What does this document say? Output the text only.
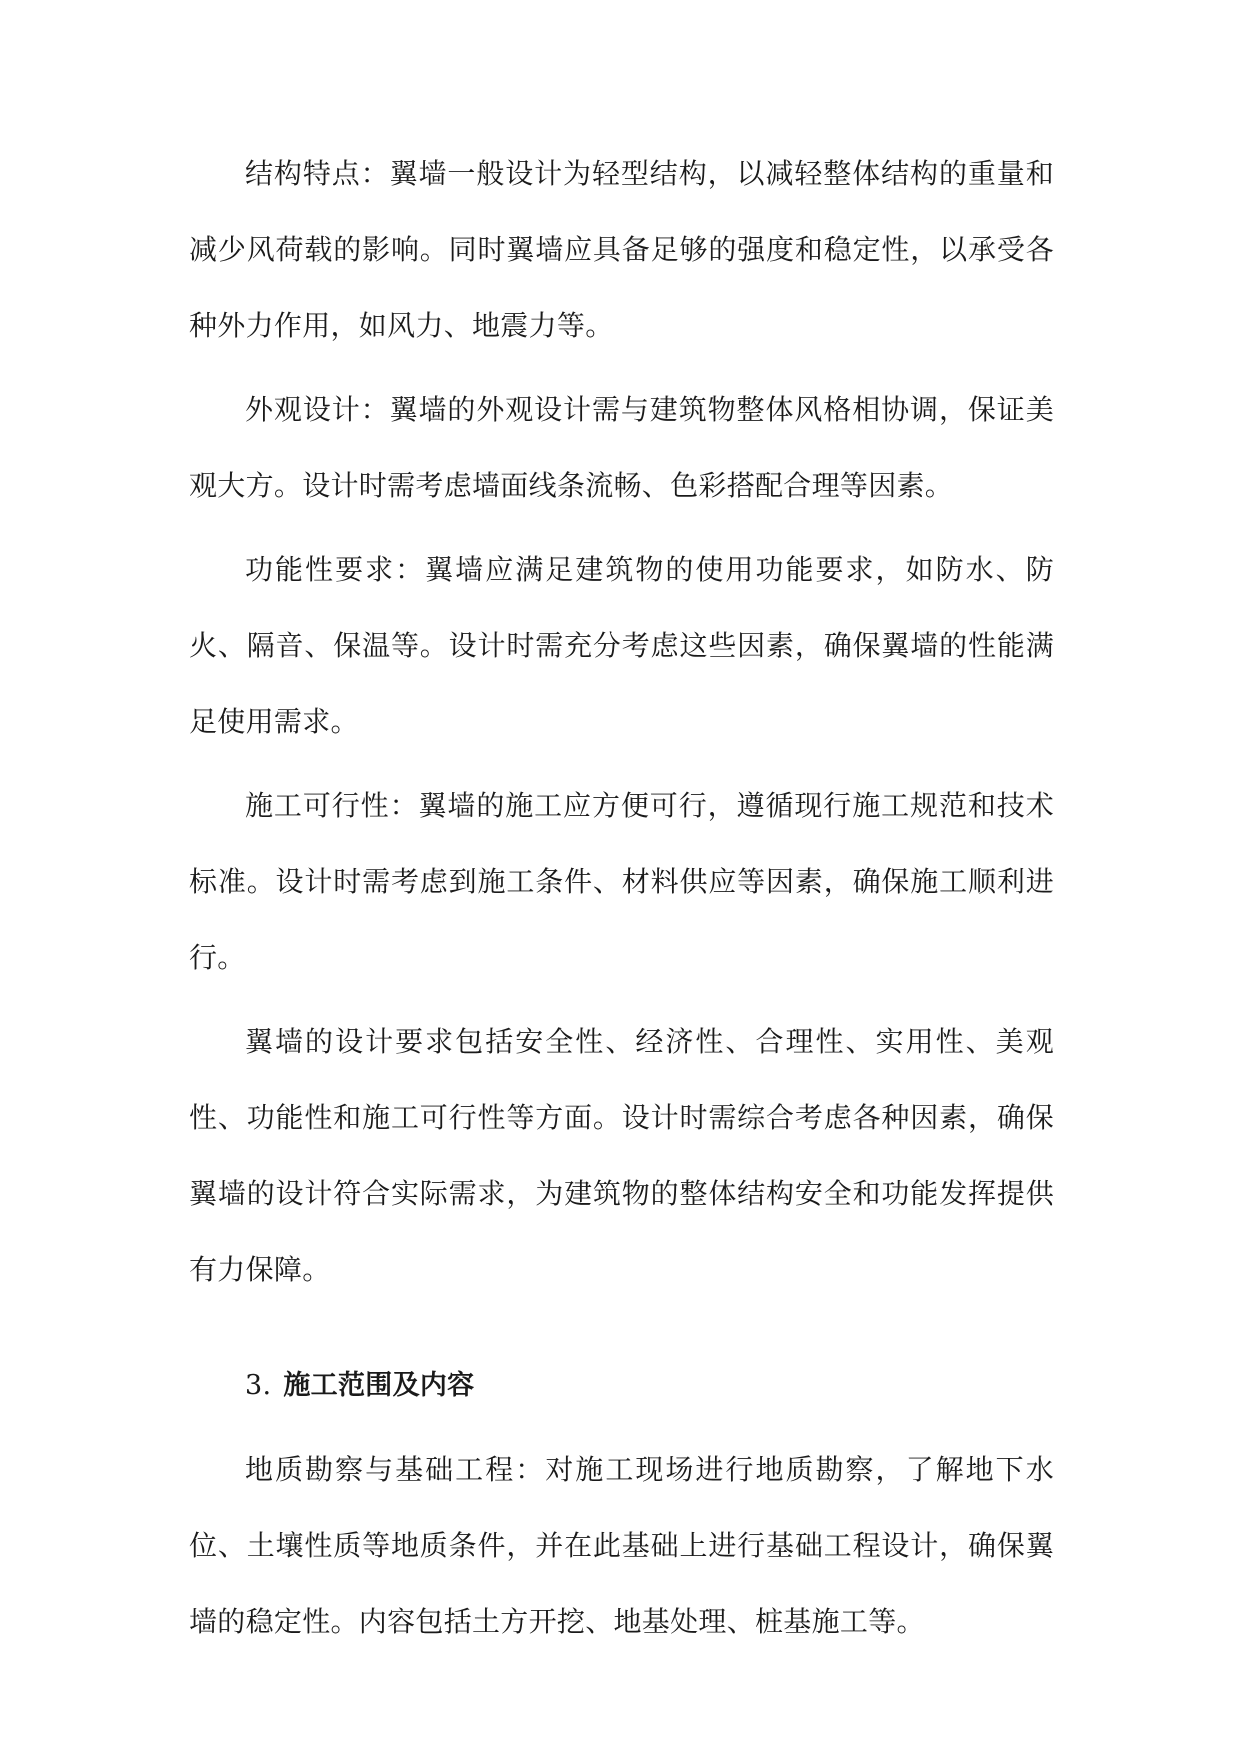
结构特点：翼墙一般设计为轻型结构，以减轻整体结构的重量和减少风荷载的影响。同时翼墙应具备足够的强度和稳定性，以承受各种外力作用，如风力、地震力等。

外观设计：翼墙的外观设计需与建筑物整体风格相协调，保证美观大方。设计时需考虑墙面线条流畅、色彩搭配合理等因素。

功能性要求：翼墙应满足建筑物的使用功能要求，如防水、防火、隔音、保温等。设计时需充分考虑这些因素，确保翼墙的性能满足使用需求。

施工可行性：翼墙的施工应方便可行，遵循现行施工规范和技术标准。设计时需考虑到施工条件、材料供应等因素，确保施工顺利进行。

翼墙的设计要求包括安全性、经济性、合理性、实用性、美观性、功能性和施工可行性等方面。设计时需综合考虑各种因素，确保翼墙的设计符合实际需求，为建筑物的整体结构安全和功能发挥提供有力保障。

3. 施工范围及内容

地质勘察与基础工程：对施工现场进行地质勘察，了解地下水位、土壤性质等地质条件，并在此基础上进行基础工程设计，确保翼墙的稳定性。内容包括土方开挖、地基处理、桩基施工等。
